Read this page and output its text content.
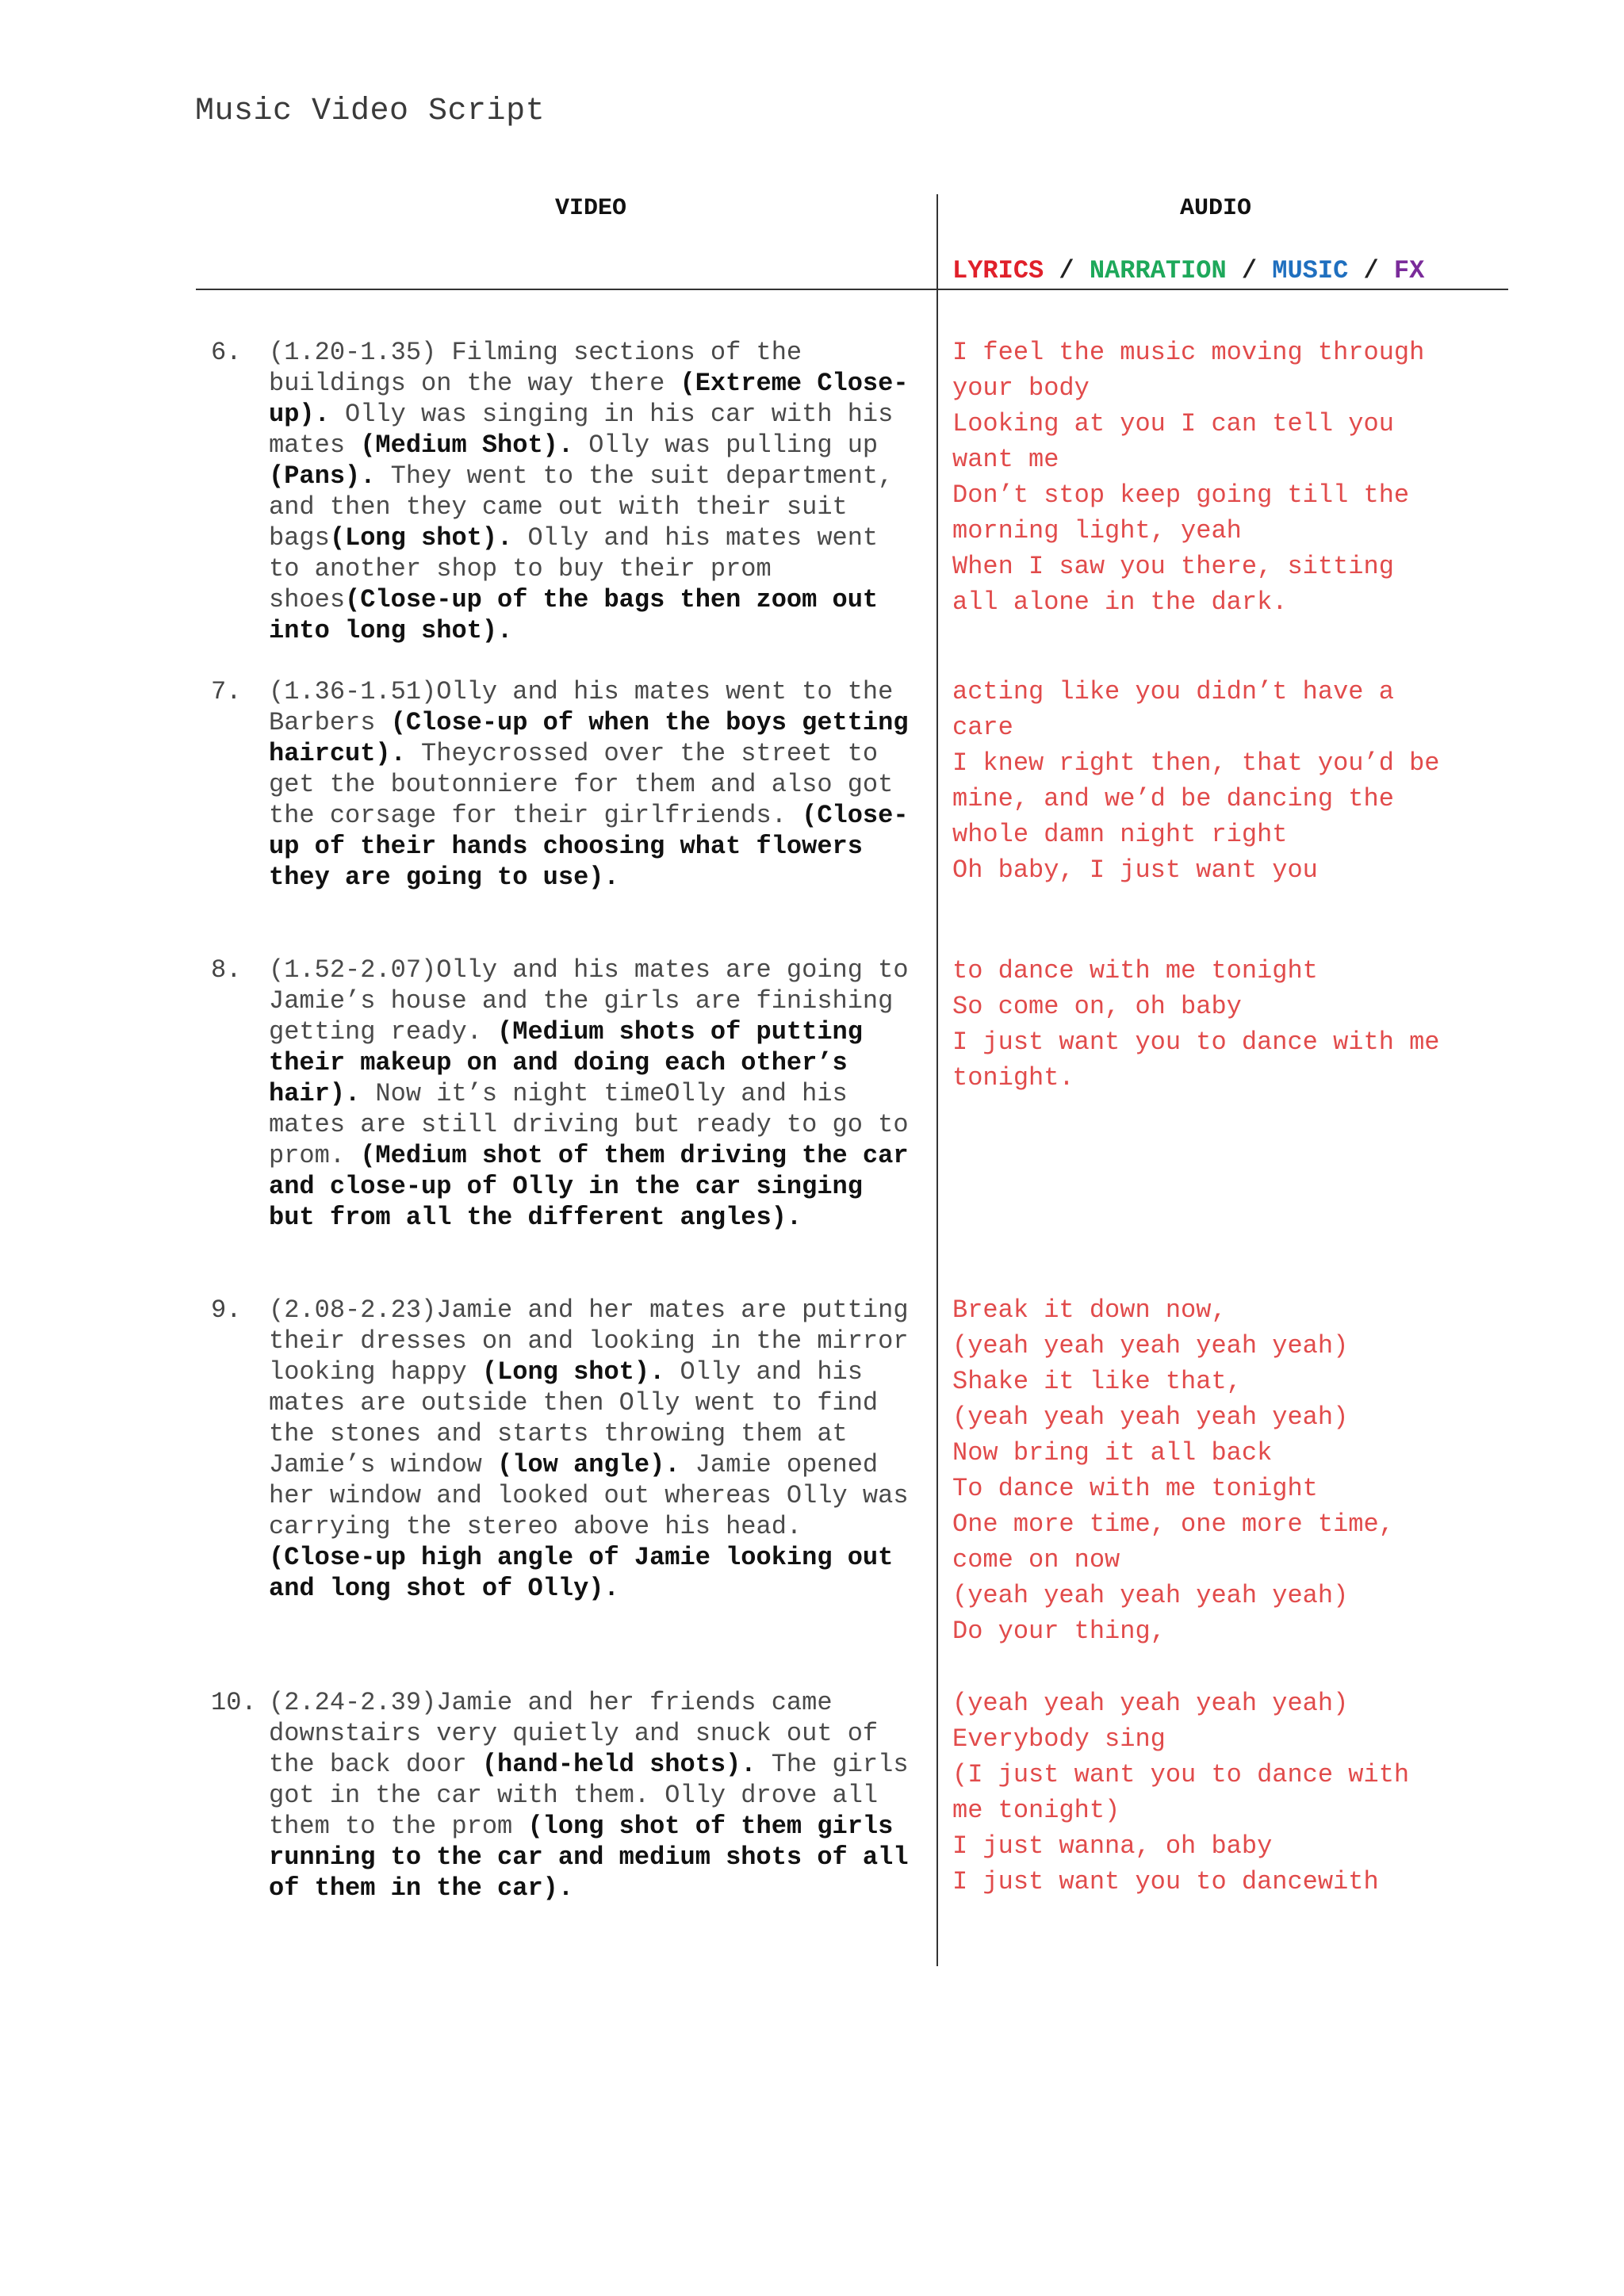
Music Video Script
VIDEO	AUDIO
LYRICS / NARRATION / MUSIC / FX
6. (1.20-1.35) Filming sections of the buildings on the way there (Extreme Close-up). Olly was singing in his car with his mates (Medium Shot). Olly was pulling up (Pans). They went to the suit department, and then they came out with their suit bags(Long shot). Olly and his mates went to another shop to buy their prom shoes(Close-up of the bags then zoom out into long shot).
I feel the music moving through
your body
Looking at you I can tell you
want me
Don’t stop keep going till the
morning light, yeah
When I saw you there, sitting
all alone in the dark.
7. (1.36-1.51)Olly and his mates went to the Barbers (Close-up of when the boys getting haircut). Theycrossed over the street to get the boutonniere for them and also got the corsage for their girlfriends. (Close-up of their hands choosing what flowers they are going to use).
acting like you didn’t have a
care
I knew right then, that you’d be
mine, and we’d be dancing the
whole damn night right
Oh baby, I just want you
8. (1.52-2.07)Olly and his mates are going to Jamie’s house and the girls are finishing getting ready. (Medium shots of putting their makeup on and doing each other’s hair). Now it’s night timeOlly and his mates are still driving but ready to go to prom. (Medium shot of them driving the car and close-up of Olly in the car singing but from all the different angles).
to dance with me tonight
So come on, oh baby
I just want you to dance with me
tonight.
9. (2.08-2.23)Jamie and her mates are putting their dresses on and looking in the mirror looking happy (Long shot). Olly and his mates are outside then Olly went to find the stones and starts throwing them at Jamie’s window (low angle). Jamie opened her window and looked out whereas Olly was carrying the stereo above his head. (Close-up high angle of Jamie looking out and long shot of Olly).
Break it down now,
(yeah yeah yeah yeah yeah)
Shake it like that,
(yeah yeah yeah yeah yeah)
Now bring it all back
To dance with me tonight
One more time, one more time,
come on now
(yeah yeah yeah yeah yeah)
Do your thing,
10. (2.24-2.39)Jamie and her friends came downstairs very quietly and snuck out of the back door (hand-held shots). The girls got in the car with them. Olly drove all them to the prom (long shot of them girls running to the car and medium shots of all of them in the car).
(yeah yeah yeah yeah yeah)
Everybody sing
(I just want you to dance with
me tonight)
I just wanna, oh baby
I just want you to dancewith
